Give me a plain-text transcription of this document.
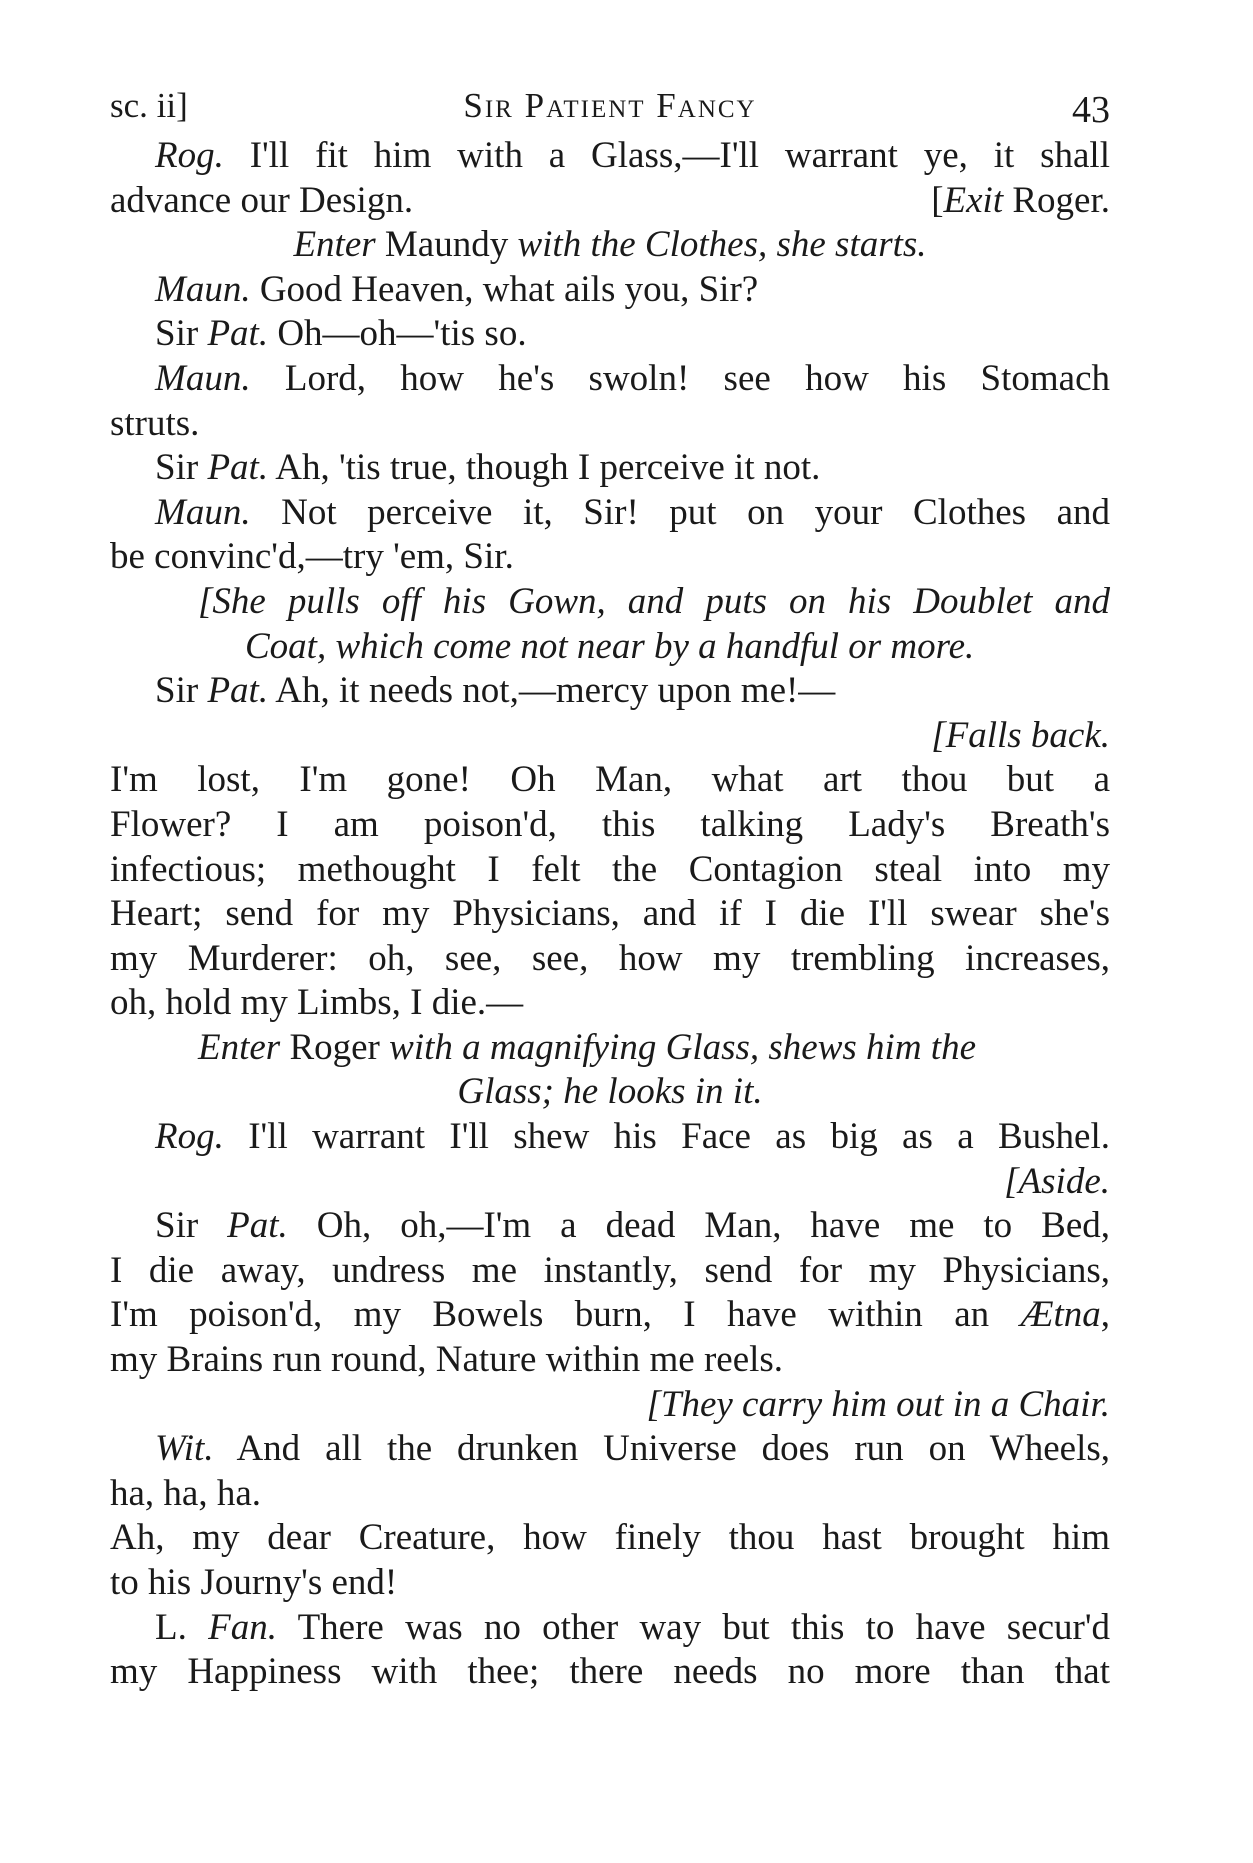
sc. ii]	Sir Patient Fancy	43
Rog. I'll fit him with a Glass,—I'll warrant ye, it shall
advance our Design.	[Exit Roger.
Enter Maundy with the Clothes, she starts.
Maun. Good Heaven, what ails you, Sir?
Sir Pat. Oh—oh—'tis so.
Maun. Lord, how he's swoln! see how his Stomach
struts.
Sir Pat. Ah, 'tis true, though I perceive it not.
Maun. Not perceive it, Sir! put on your Clothes and
be convinc'd,—try 'em, Sir.
[She pulls off his Gown, and puts on his Doublet and
Coat, which come not near by a handful or more.
Sir Pat. Ah, it needs not,—mercy upon me!—
[Falls back.
I'm lost, I'm gone! Oh Man, what art thou but a
Flower? I am poison'd, this talking Lady's Breath's
infectious; methought I felt the Contagion steal into my
Heart; send for my Physicians, and if I die I'll swear she's
my Murderer: oh, see, see, how my trembling increases,
oh, hold my Limbs, I die.—
Enter Roger with a magnifying Glass, shews him the
Glass; he looks in it.
Rog. I'll warrant I'll shew his Face as big as a Bushel.
[Aside.
Sir Pat. Oh, oh,—I'm a dead Man, have me to Bed,
I die away, undress me instantly, send for my Physicians,
I'm poison'd, my Bowels burn, I have within an Ætna,
my Brains run round, Nature within me reels.
[They carry him out in a Chair.
Wit. And all the drunken Universe does run on Wheels,
ha, ha, ha.
Ah, my dear Creature, how finely thou hast brought him
to his Journy's end!
L. Fan. There was no other way but this to have secur'd
my Happiness with thee; there needs no more than that
